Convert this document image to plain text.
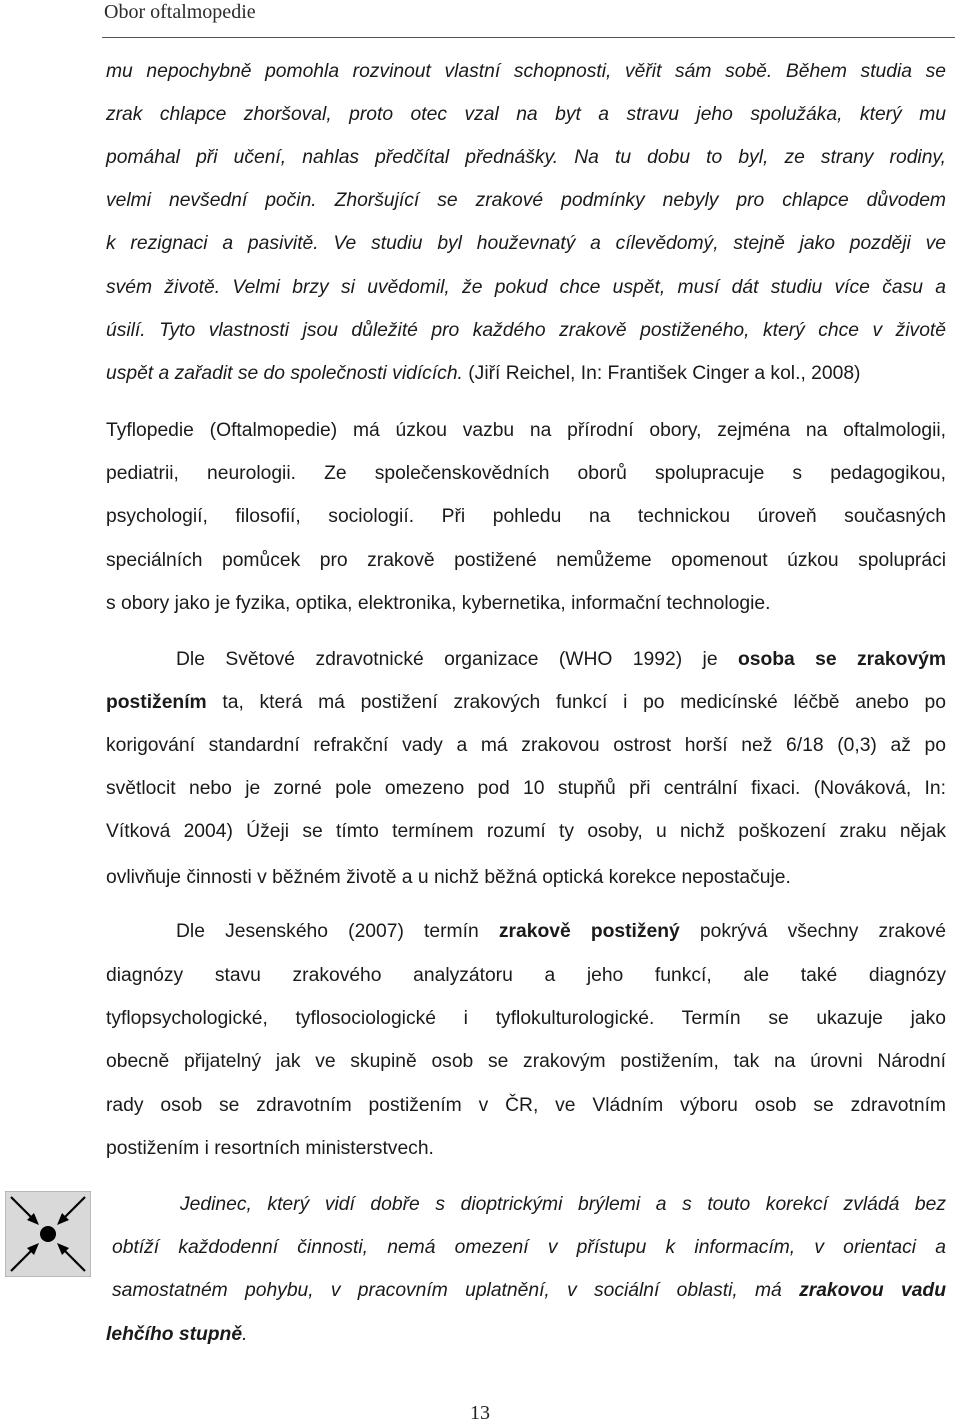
Obor oftalmopedie
mu nepochybně pomohla rozvinout vlastní schopnosti, věřit sám sobě. Během studia se
zrak chlapce zhoršoval, proto otec vzal na byt a stravu jeho spolužáka, který mu
pomáhal při učení, nahlas předčítal přednášky. Na tu dobu to byl, ze strany rodiny,
velmi nevšední počin. Zhoršující se zrakové podmínky nebyly pro chlapce důvodem
k rezignaci a pasivitě. Ve studiu byl houževnatý a cílevědomý, stejně jako později ve
svém životě. Velmi brzy si uvědomil, že pokud chce uspět, musí dát studiu více času a
úsilí. Tyto vlastnosti jsou důležité pro každého zrakově postiženého, který chce v životě
uspět a zařadit se do společnosti vidících. (Jiří Reichel, In: František Cinger a kol., 2008)
Tyflopedie (Oftalmopedie) má úzkou vazbu na přírodní obory, zejména na oftalmologii,
pediatrii, neurologii. Ze společenskovědních oborů spolupracuje s pedagogikou,
psychologií, filosofií, sociologií. Při pohledu na technickou úroveň současných
speciálních pomůcek pro zrakově postižené nemůžeme opomenout úzkou spolupráci
s obory jako je fyzika, optika, elektronika, kybernetika, informační technologie.
Dle Světové zdravotnické organizace (WHO 1992) je osoba se zrakovým
postižením ta, která má postižení zrakových funkcí i po medicínské léčbě anebo po
korigování standardní refrakční vady a má zrakovou ostrost horší než 6/18 (0,3) až po
světlocit nebo je zorné pole omezeno pod 10 stupňů při centrální fixaci. (Nováková, In:
Vítková 2004) Úžeji se tímto termínem rozumí ty osoby, u nichž poškození zraku nějak
ovlivňuje činnosti v běžném životě a u nichž běžná optická korekce nepostačuje.
Dle Jesenského (2007) termín zrakově postižený pokrývá všechny zrakové
diagnózy stavu zrakového analyzátoru a jeho funkcí, ale také diagnózy
tyflopsychologické, tyflosociologické i tyflokulturologické. Termín se ukazuje jako
obecně přijatelný jak ve skupině osob se zrakovým postižením, tak na úrovni Národní
rady osob se zdravotním postižením v ČR, ve Vládním výboru osob se zdravotním
postižením i resortních ministerstvech.
Jedinec, který vidí dobře s dioptrickými brýlemi a s touto korekcí zvládá bez
obtíží každodenní činnosti, nemá omezení v přístupu k informacím, v orientaci a
samostatném pohybu, v pracovním uplatnění, v sociální oblasti, má zrakovou vadu
lehčího stupně.
13
